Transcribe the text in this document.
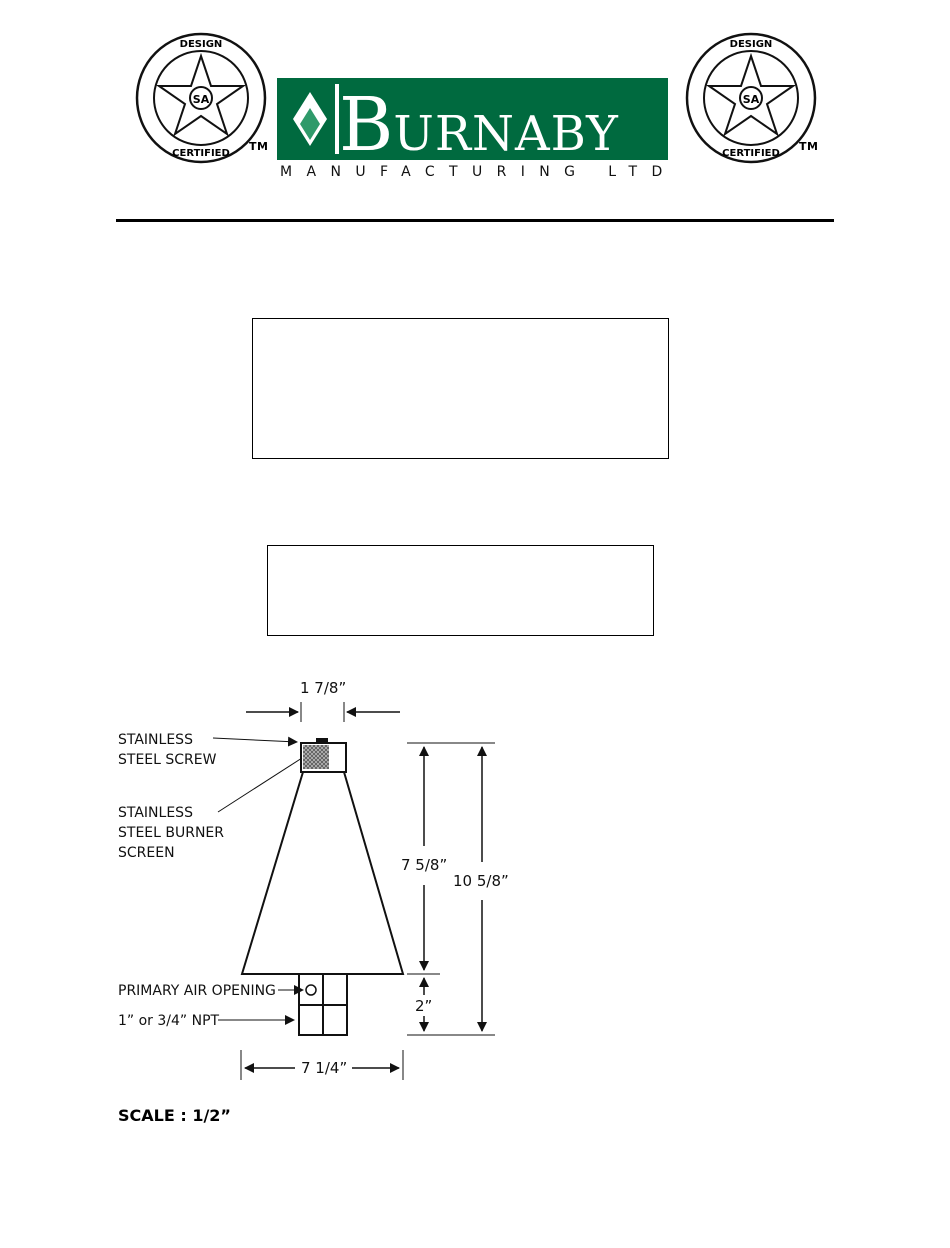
SA
DESIGN
CERTIFIED
TM BURNABY
MANUFACTURING LTD
SA
DESIGN
CERTIFIED
TM
STAINLESS
STEEL SCREW
STAINLESS
STEEL BURNER
SCREEN
PRIMARY AIR OPENING
1” or 3/4” NPT
1 7/8”
7 5/8”
10 5/8”
2”
7 1/4”
SCALE : 1/2”
